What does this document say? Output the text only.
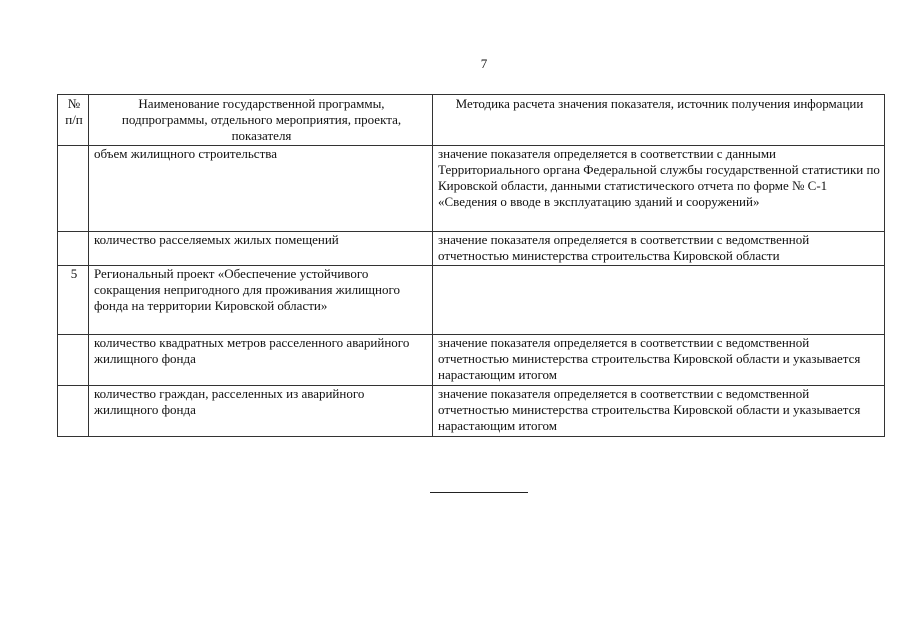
7
№ п/п	Наименование государственной программы, подпрограммы, отдельного мероприятия, проекта, показателя	Методика расчета значения показателя, источник получения информации
	объем жилищного строительства	значение показателя определяется в соответствии с данными Территориального органа Федеральной службы государственной статистики по Кировской области, данными статистического отчета по форме № С-1 «Сведения о вводе в эксплуатацию зданий и сооружений»
	количество расселяемых жилых помещений	значение показателя определяется в соответствии с ведомственной отчетностью министерства строительства Кировской области
5	Региональный проект «Обеспечение устойчивого сокращения непригодного для проживания жилищного фонда на территории Кировской области»	
	количество квадратных метров расселенного аварийного жилищного фонда	значение показателя определяется в соответствии с ведомственной отчетностью министерства строительства Кировской области и указывается нарастающим итогом
	количество граждан, расселенных из аварийного жилищного фонда	значение показателя определяется в соответствии с ведомственной отчетностью министерства строительства Кировской области и указывается нарастающим итогом
